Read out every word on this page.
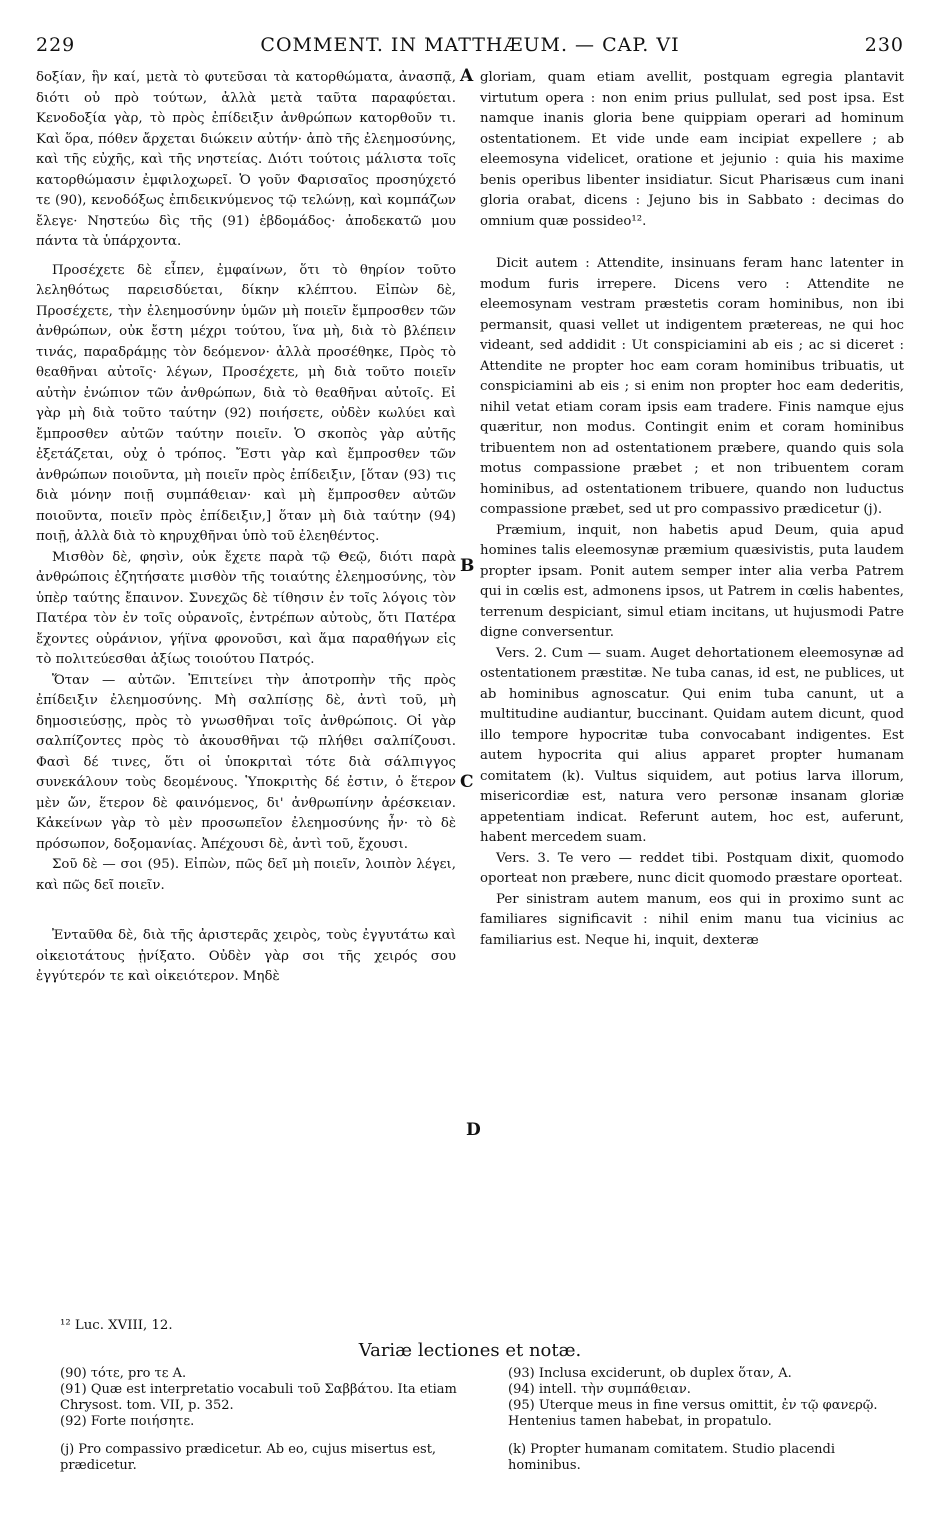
229	COMMENT. IN MATTHÆUM. — CAP. VI	230
A
B
C
D

δοξίαν, ἣν καί, μετὰ τὸ φυτεῦσαι τὰ κατορθώματα, ἀνασπᾷ, διότι οὐ πρὸ τούτων, ἀλλὰ μετὰ ταῦτα παραφύεται. Κενοδοξία γὰρ, τὸ πρὸς ἐπίδειξιν ἀνθρώπων κατορθοῦν τι. Καὶ ὅρα, πόθεν ἄρχεται διώκειν αὐτήν· ἀπὸ τῆς ἐλεημοσύνης, καὶ τῆς εὐχῆς, καὶ τῆς νηστείας. Διότι τούτοις μάλιστα τοῖς κατορθώμασιν ἐμφιλοχωρεῖ. Ὁ γοῦν Φαρισαῖος προσηύχετό τε (90), κενοδόξως ἐπιδεικνύμενος τῷ τελώνῃ, καὶ κομπάζων ἔλεγε· Νηστεύω δὶς τῆς (91) ἑβδομάδος· ἀποδεκατῶ μου πάντα τὰ ὑπάρχοντα.

Προσέχετε δὲ εἶπεν, ἐμφαίνων, ὅτι τὸ θηρίον τοῦτο λεληθότως παρεισδύεται, δίκην κλέπτου. Εἰπὼν δὲ, Προσέχετε, τὴν ἐλεημοσύνην ὑμῶν μὴ ποιεῖν ἔμπροσθεν τῶν ἀνθρώπων, οὐκ ἔστη μέχρι τούτου, ἵνα μὴ, διὰ τὸ βλέπειν τινάς, παραδράμῃς τὸν δεόμενον· ἀλλὰ προσέθηκε, Πρὸς τὸ θεαθῆναι αὐτοῖς· λέγων, Προσέχετε, μὴ διὰ τοῦτο ποιεῖν αὐτὴν ἐνώπιον τῶν ἀνθρώπων, διὰ τὸ θεαθῆναι αὐτοῖς. Εἰ γὰρ μὴ διὰ τοῦτο ταύτην (92) ποιήσετε, οὐδὲν κωλύει καὶ ἔμπροσθεν αὐτῶν ταύτην ποιεῖν. Ὁ σκοπὸς γὰρ αὐτῆς ἐξετάζεται, οὐχ ὁ τρόπος. Ἔστι γὰρ καὶ ἔμπροσθεν τῶν ἀνθρώπων ποιοῦντα, μὴ ποιεῖν πρὸς ἐπίδειξιν, [ὅταν (93) τις διὰ μόνην ποιῇ συμπάθειαν· καὶ μὴ ἔμπροσθεν αὐτῶν ποιοῦντα, ποιεῖν πρὸς ἐπίδειξιν,] ὅταν μὴ διὰ ταύτην (94) ποιῇ, ἀλλὰ διὰ τὸ κηρυχθῆναι ὑπὸ τοῦ ἐλεηθέντος.

Μισθὸν δὲ, φησὶν, οὐκ ἔχετε παρὰ τῷ Θεῷ, διότι παρὰ ἀνθρώποις ἐζητήσατε μισθὸν τῆς τοιαύτης ἐλεημοσύνης, τὸν ὑπὲρ ταύτης ἔπαινον. Συνεχῶς δὲ τίθησιν ἐν τοῖς λόγοις τὸν Πατέρα τὸν ἐν τοῖς οὐρανοῖς, ἐντρέπων αὐτοὺς, ὅτι Πατέρα ἔχοντες οὐράνιον, γήϊνα φρονοῦσι, καὶ ἅμα παραθήγων εἰς τὸ πολιτεύεσθαι ἀξίως τοιούτου Πατρός.

Ὅταν — αὐτῶν. Ἐπιτείνει τὴν ἀποτροπὴν τῆς πρὸς ἐπίδειξιν ἐλεημοσύνης. Μὴ σαλπίσῃς δὲ, ἀντὶ τοῦ, μὴ δημοσιεύσῃς, πρὸς τὸ γνωσθῆναι τοῖς ἀνθρώποις. Οἱ γὰρ σαλπίζοντες πρὸς τὸ ἀκουσθῆναι τῷ πλήθει σαλπίζουσι. Φασὶ δέ τινες, ὅτι οἱ ὑποκριταὶ τότε διὰ σάλπιγγος συνεκάλουν τοὺς δεομένους. Ὑποκριτὴς δέ ἐστιν, ὁ ἕτερον μὲν ὤν, ἕτερον δὲ φαινόμενος, δι' ἀνθρωπίνην ἀρέσκειαν. Κἀκείνων γὰρ τὸ μὲν προσωπεῖον ἐλεημοσύνης ἦν· τὸ δὲ πρόσωπον, δοξομανίας. Ἀπέχουσι δὲ, ἀντὶ τοῦ, ἔχουσι.

Σοῦ δὲ — σοι (95). Εἰπὼν, πῶς δεῖ μὴ ποιεῖν, λοιπὸν λέγει, καὶ πῶς δεῖ ποιεῖν.

Ἐνταῦθα δὲ, διὰ τῆς ἀριστερᾶς χειρὸς, τοὺς ἐγγυτάτω καὶ οἰκειοτάτους ᾐνίξατο. Οὐδὲν γὰρ σοι τῆς χειρός σου ἐγγύτερόν τε καὶ οἰκειότερον. Μηδὲ

gloriam, quam etiam avellit, postquam egregia plantavit virtutum opera : non enim prius pullulat, sed post ipsa. Est namque inanis gloria bene quippiam operari ad hominum ostentationem. Et vide unde eam incipiat expellere ; ab eleemosyna videlicet, oratione et jejunio : quia his maxime benis operibus libenter insidiatur. Sicut Pharisæus cum inani gloria orabat, dicens : Jejuno bis in Sabbato : decimas do omnium quæ possideo¹².

Dicit autem : Attendite, insinuans feram hanc latenter in modum furis irrepere. Dicens vero : Attendite ne eleemosynam vestram præstetis coram hominibus, non ibi permansit, quasi vellet ut indigentem prætereas, ne qui hoc videant, sed addidit : Ut conspiciamini ab eis ; ac si diceret : Attendite ne propter hoc eam coram hominibus tribuatis, ut conspiciamini ab eis ; si enim non propter hoc eam dederitis, nihil vetat etiam coram ipsis eam tradere. Finis namque ejus quæritur, non modus. Contingit enim et coram hominibus tribuentem non ad ostentationem præbere, quando quis sola motus compassione præbet ; et non tribuentem coram hominibus, ad ostentationem tribuere, quando non luductus compassione præbet, sed ut pro compassivo prædicetur (j).

Præmium, inquit, non habetis apud Deum, quia apud homines talis eleemosynæ præmium quæsivistis, puta laudem propter ipsam. Ponit autem semper inter alia verba Patrem qui in cœlis est, admonens ipsos, ut Patrem in cœlis habentes, terrenum despiciant, simul etiam incitans, ut hujusmodi Patre digne conversentur.

Vers. 2. Cum — suam. Auget dehortationem eleemosynæ ad ostentationem præstitæ. Ne tuba canas, id est, ne publices, ut ab hominibus agnoscatur. Qui enim tuba canunt, ut a multitudine audiantur, buccinant. Quidam autem dicunt, quod illo tempore hypocritæ tuba convocabant indigentes. Est autem hypocrita qui alius apparet propter humanam comitatem (k). Vultus siquidem, aut potius larva illorum, misericordiæ est, natura vero personæ insanam gloriæ appetentiam indicat. Referunt autem, hoc est, auferunt, habent mercedem suam.

Vers. 3. Te vero — reddet tibi. Postquam dixit, quomodo oporteat non præbere, nunc dicit quomodo præstare oporteat.

Per sinistram autem manum, eos qui in proximo sunt ac familiares significavit : nihil enim manu tua vicinius ac familiarius est. Neque hi, inquit, dexteræ

¹² Luc. XVIII, 12.
Variæ lectiones et notæ.

(90) τότε, pro τε A.

(91) Quæ est interpretatio vocabuli τοῦ Σαββάτου. Ita etiam Chrysost. tom. VII, p. 352.

(92) Forte ποιήσητε.

(j) Pro compassivo prædicetur. Ab eo, cujus misertus est, prædicetur.

(93) Inclusa exciderunt, ob duplex ὅταν, A.

(94) intell. τὴν συμπάθειαν.

(95) Uterque meus in fine versus omittit, ἐν τῷ φανερῷ. Hentenius tamen habebat, in propatulo.

(k) Propter humanam comitatem. Studio placendi hominibus.
